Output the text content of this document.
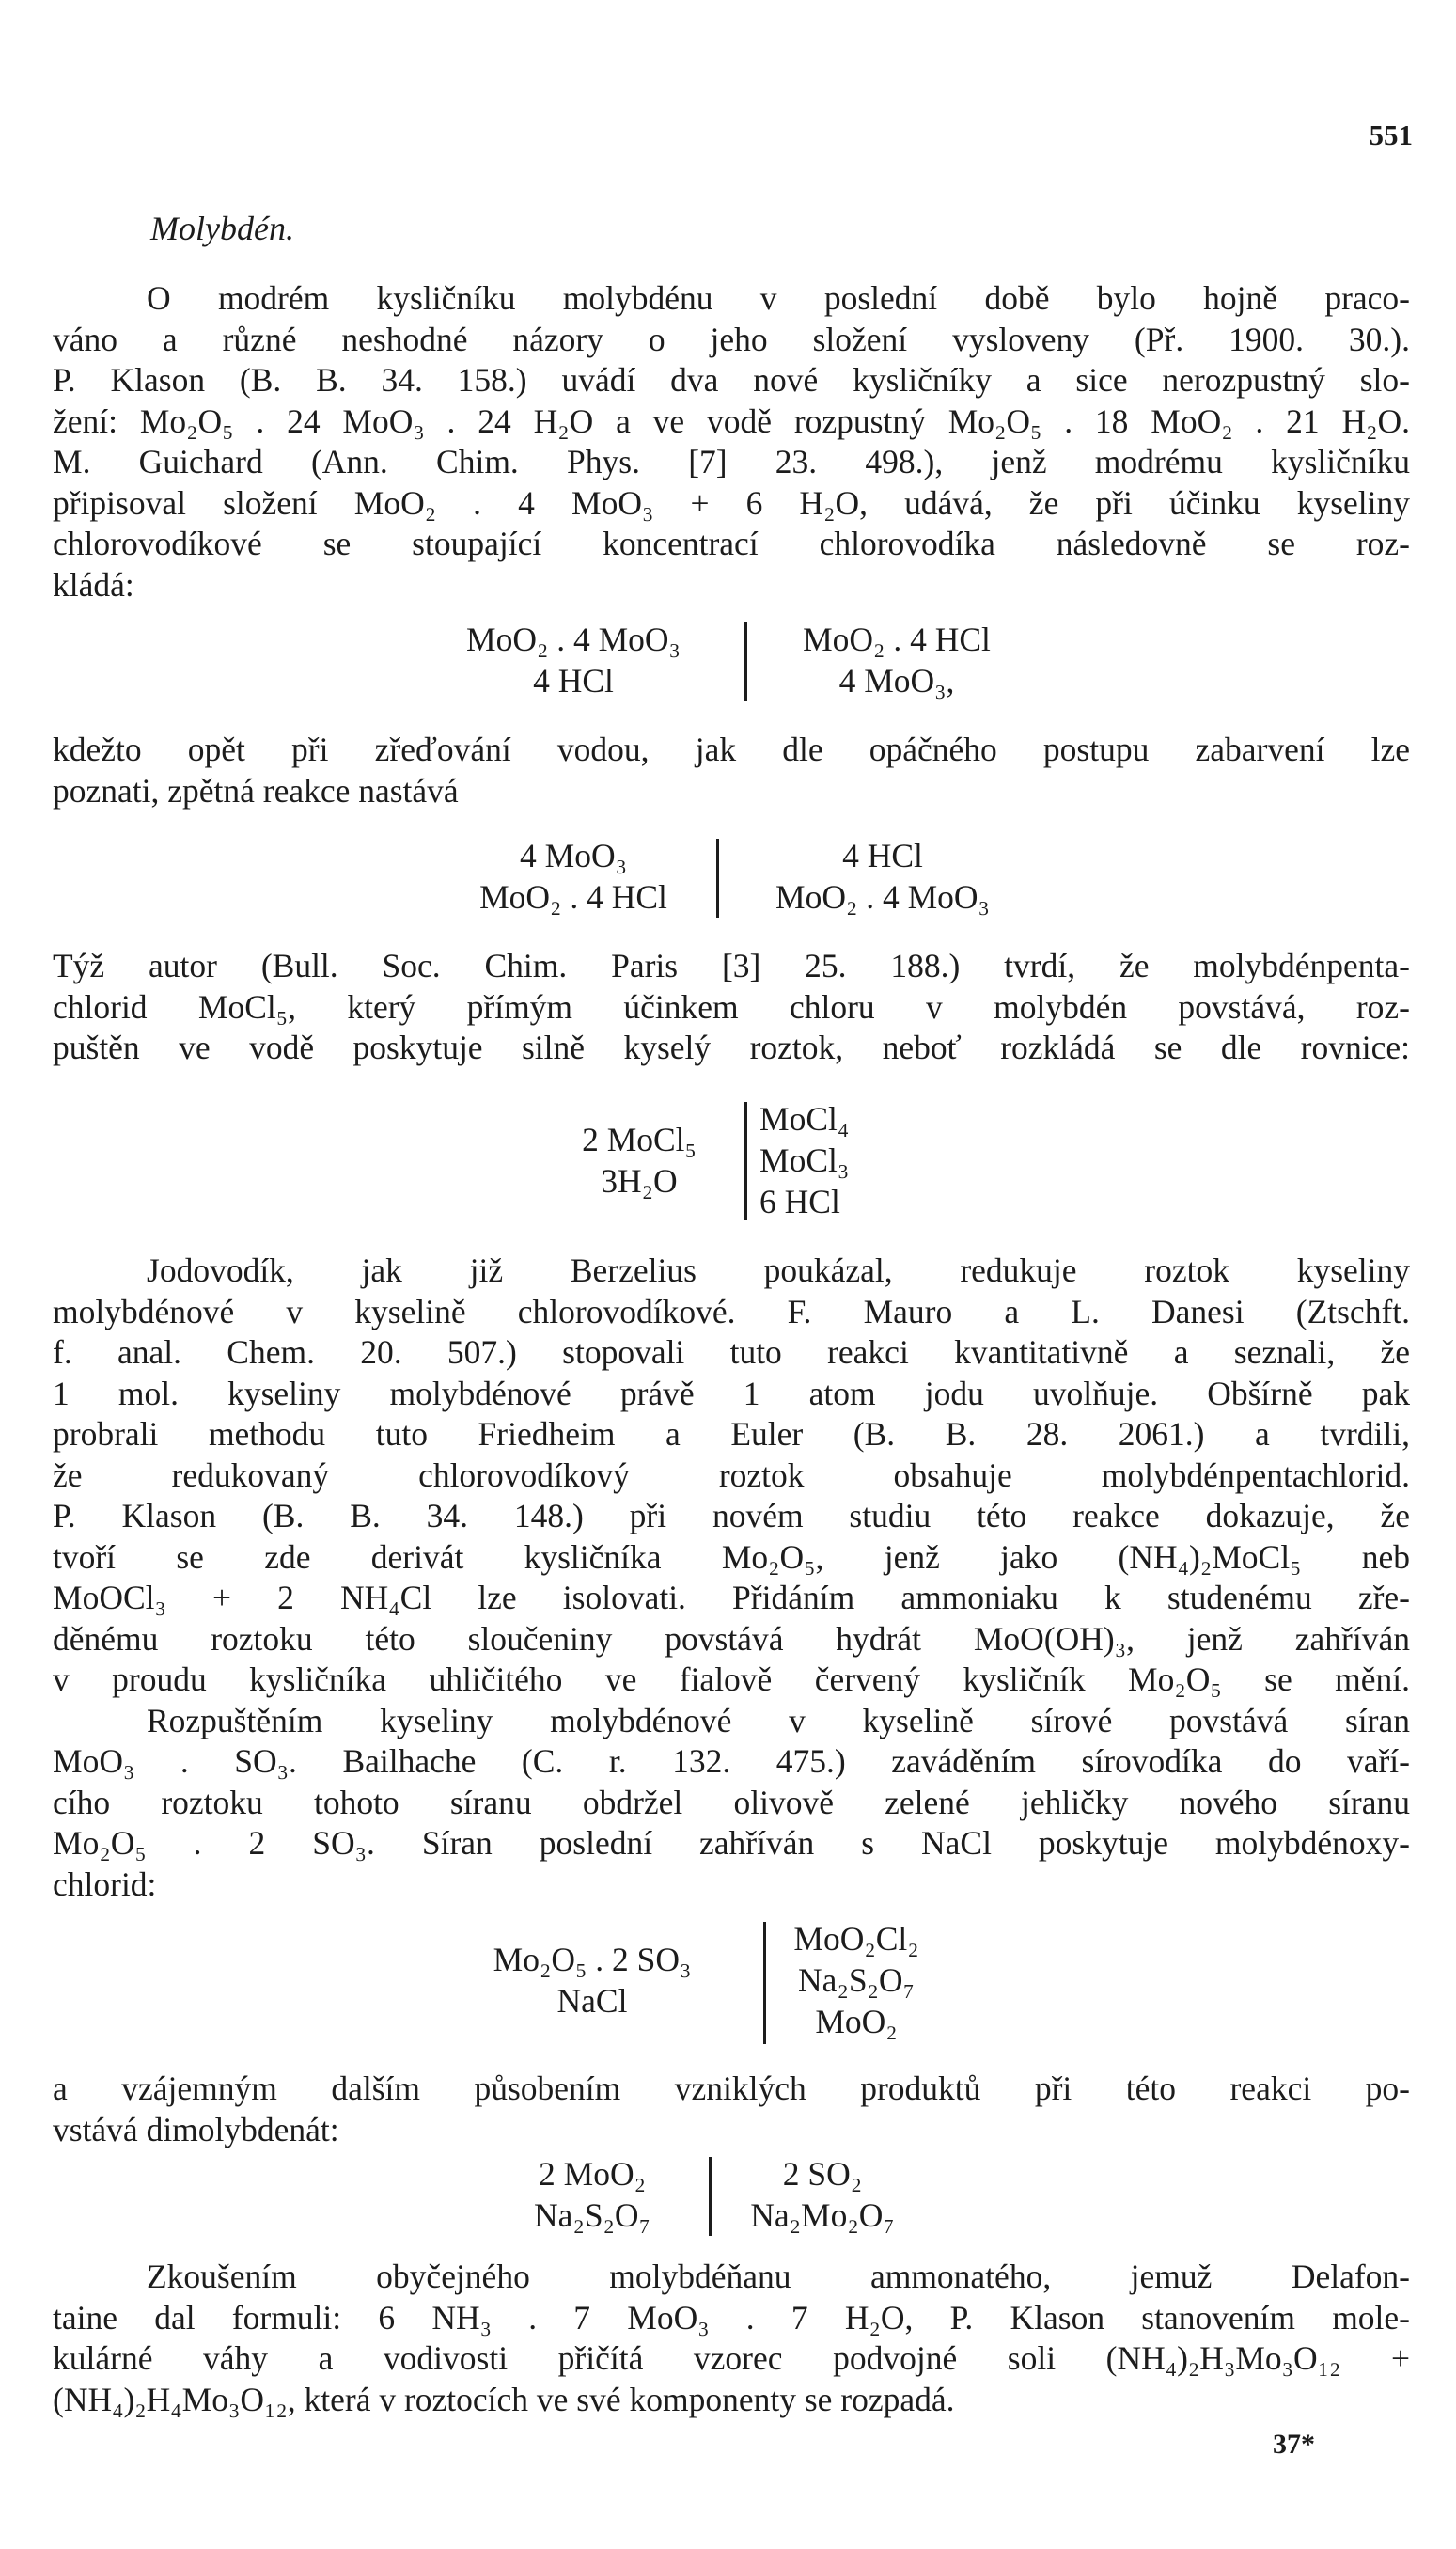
551
Molybdén.
O modrém kysličníku molybdénu v poslední době bylo hojně praco-
váno a různé neshodné názory o jeho složení vysloveny (Př. 1900. 30.).
P. Klason (B. B. 34. 158.) uvádí dva nové kysličníky a sice nerozpustný slo-
žení: Mo₂O₅ . 24 MoO₃ . 24 H₂O a ve vodě rozpustný Mo₂O₅ . 18 MoO₂ . 21 H₂O.
M. Guichard (Ann. Chim. Phys. [7] 23. 498.), jenž modrému kysličníku
připisoval složení MoO₂ . 4 MoO₃ + 6 H₂O, udává, že při účinku kyseliny
chlorovodíkové se stoupající koncentrací chlorovodíka následovně se roz-
kládá:
MoO₂ . 4 MoO₃
4 HCl
MoO₂ . 4 HCl
4 MoO₃,
kdežto opět při zřeďování vodou, jak dle opáčného postupu zabarvení lze
poznati, zpětná reakce nastává
4 MoO₃
MoO₂ . 4 HCl
4 HCl
MoO₂ . 4 MoO₃
Týž autor (Bull. Soc. Chim. Paris [3] 25. 188.) tvrdí, že molybdénpenta-
chlorid MoCl₅, který přímým účinkem chloru v molybdén povstává, roz-
puštěn ve vodě poskytuje silně kyselý roztok, neboť rozkládá se dle rovnice:
2 MoCl₅
3H₂O
MoCl₄
MoCl₃
6 HCl
Jodovodík, jak již Berzelius poukázal, redukuje roztok kyseliny
molybdénové v kyselině chlorovodíkové. F. Mauro a L. Danesi (Ztschft.
f. anal. Chem. 20. 507.) stopovali tuto reakci kvantitativně a seznali, že
1 mol. kyseliny molybdénové právě 1 atom jodu uvolňuje. Obšírně pak
probrali methodu tuto Friedheim a Euler (B. B. 28. 2061.) a tvrdili,
že redukovaný chlorovodíkový roztok obsahuje molybdénpentachlorid.
P. Klason (B. B. 34. 148.) při novém studiu této reakce dokazuje, že
tvoří se zde derivát kysličníka Mo₂O₅, jenž jako (NH₄)₂MoCl₅ neb
MoOCl₃ + 2 NH₄Cl lze isolovati. Přidáním ammoniaku k studenému zře-
děnému roztoku této sloučeniny povstává hydrát MoO(OH)₃, jenž zahříván
v proudu kysličníka uhličitého ve fialově červený kysličník Mo₂O₅ se mění.
Rozpuštěním kyseliny molybdénové v kyselině sírové povstává síran
MoO₃ . SO₃. Bailhache (C. r. 132. 475.) zaváděním sírovodíka do vaří-
cího roztoku tohoto síranu obdržel olivově zelené jehličky nového síranu
Mo₂O₅ . 2 SO₃. Síran poslední zahříván s NaCl poskytuje molybdénoxy-
chlorid:
Mo₂O₅ . 2 SO₃
NaCl
MoO₂Cl₂
Na₂S₂O₇
MoO₂
a vzájemným dalším působením vzniklých produktů při této reakci po-
vstává dimolybdenát:
2 MoO₂
Na₂S₂O₇
2 SO₂
Na₂Mo₂O₇
Zkoušením obyčejného molybdéňanu ammonatého, jemuž Delafon-
taine dal formuli: 6 NH₃ . 7 MoO₃ . 7 H₂O, P. Klason stanovením mole-
kulárné váhy a vodivosti přičítá vzorec podvojné soli (NH₄)₂H₃Mo₃O₁₂ +
(NH₄)₂H₄Mo₃O₁₂, která v roztocích ve své komponenty se rozpadá.
37*
